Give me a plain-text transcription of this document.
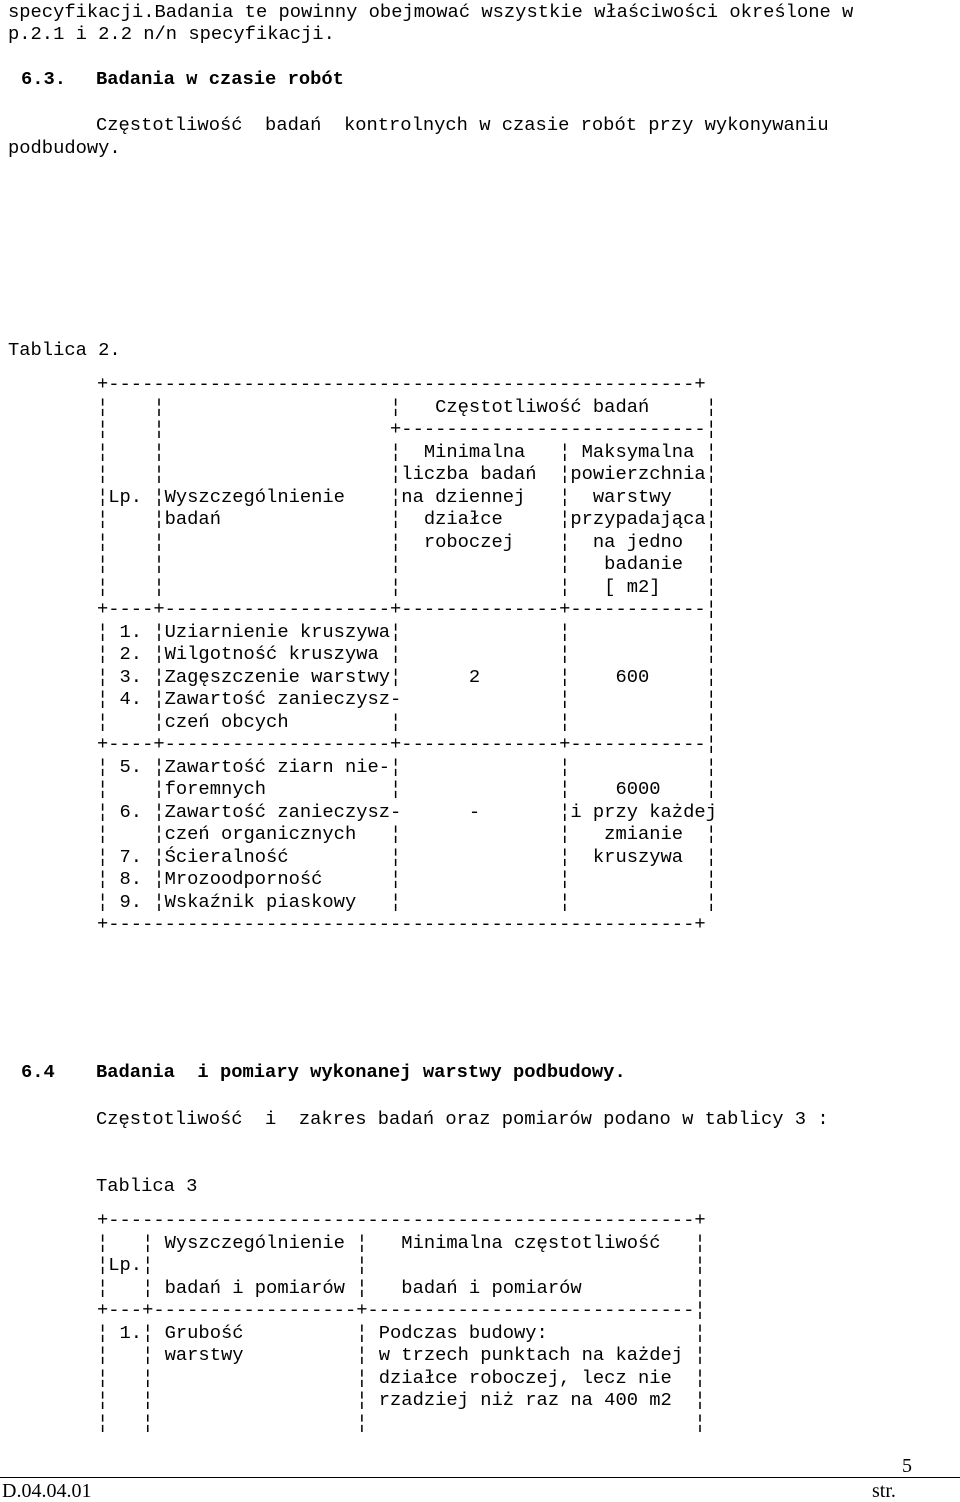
specyfikacji.Badania te powinny obejmować wszystkie właściwości określone w
p.2.1 i 2.2 n/n specyfikacji.
6.3. Badania w czasie robót
Częstotliwość  badań  kontrolnych w czasie robót przy wykonywaniu
podbudowy.
Tablica 2.
+----------------------------------------------------+
¦    ¦                    ¦   Częstotliwość badań     ¦
¦    ¦                    +---------------------------¦
¦    ¦                    ¦  Minimalna   ¦ Maksymalna ¦
¦    ¦                    ¦liczba badań  ¦powierzchnia¦
¦Lp. ¦Wyszczególnienie    ¦na dziennej   ¦  warstwy   ¦
¦    ¦badań               ¦  działce     ¦przypadająca¦
¦    ¦                    ¦  roboczej    ¦  na jedno  ¦
¦    ¦                    ¦              ¦   badanie  ¦
¦    ¦                    ¦              ¦   [ m2]    ¦
+----+--------------------+--------------+------------¦
¦ 1. ¦Uziarnienie kruszywa¦              ¦            ¦
¦ 2. ¦Wilgotność kruszywa ¦              ¦            ¦
¦ 3. ¦Zagęszczenie warstwy¦      2       ¦    600     ¦
¦ 4. ¦Zawartość zanieczysz-              ¦            ¦
¦    ¦czeń obcych         ¦              ¦            ¦
+----+--------------------+--------------+------------¦
¦ 5. ¦Zawartość ziarn nie-¦              ¦            ¦
¦    ¦foremnych           ¦              ¦    6000    ¦
¦ 6. ¦Zawartość zanieczysz-      -       ¦i przy każdej
¦    ¦czeń organicznych   ¦              ¦   zmianie  ¦
¦ 7. ¦Ścieralność         ¦              ¦  kruszywa  ¦
¦ 8. ¦Mrozoodporność      ¦              ¦            ¦
¦ 9. ¦Wskaźnik piaskowy   ¦              ¦            ¦
+----------------------------------------------------+
6.4 Badania  i pomiary wykonanej warstwy podbudowy.
Częstotliwość  i  zakres badań oraz pomiarów podano w tablicy 3 :
Tablica 3
+----------------------------------------------------+
¦   ¦ Wyszczególnienie ¦   Minimalna częstotliwość   ¦
¦Lp.¦                  ¦                             ¦
¦   ¦ badań i pomiarów ¦   badań i pomiarów          ¦
+---+------------------+-----------------------------¦
¦ 1.¦ Grubość          ¦ Podczas budowy:             ¦
¦   ¦ warstwy          ¦ w trzech punktach na każdej ¦
¦   ¦                  ¦ działce roboczej, lecz nie  ¦
¦   ¦                  ¦ rzadziej niż raz na 400 m2  ¦
¦   ¦                  ¦                             ¦
5
D.04.04.01	str.
